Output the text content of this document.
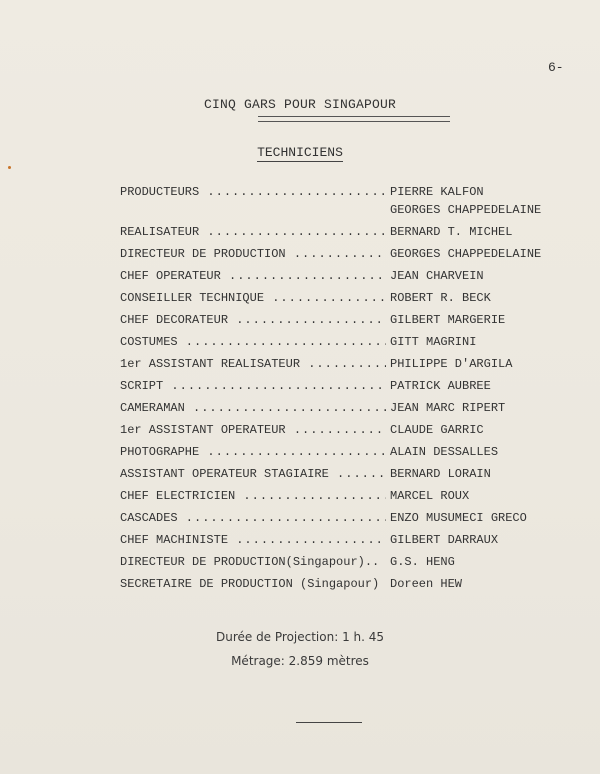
6-
CINQ GARS POUR SINGAPOUR
TECHNICIENS
PRODUCTEURS .....	PIERRE KALFON
GEORGES CHAPPEDELAINE
REALISATEUR .....	BERNARD T. MICHEL
DIRECTEUR DE PRODUCTION .....	GEORGES CHAPPEDELAINE
CHEF OPERATEUR .....	JEAN CHARVEIN
CONSEILLER TECHNIQUE .....	ROBERT R. BECK
CHEF DECORATEUR .....	GILBERT MARGERIE
COSTUMES .....	GITT MAGRINI
1er ASSISTANT REALISATEUR .....	PHILIPPE D'ARGILA
SCRIPT .....	PATRICK AUBREE
CAMERAMAN .....	JEAN MARC RIPERT
1er ASSISTANT OPERATEUR .....	CLAUDE GARRIC
PHOTOGRAPHE .....	ALAIN DESSALLES
ASSISTANT OPERATEUR STAGIAIRE .....	BERNARD LORAIN
CHEF ELECTRICIEN .....	MARCEL ROUX
CASCADES .....	ENZO MUSUMECI GRECO
CHEF MACHINISTE .....	GILBERT DARRAUX
DIRECTEUR DE PRODUCTION(Singapour).. G.S. HENG
SECRETAIRE DE PRODUCTION (Singapour) Doreen HEW
Durée de Projection: 1 h. 45
Métrage: 2.859 mètres
